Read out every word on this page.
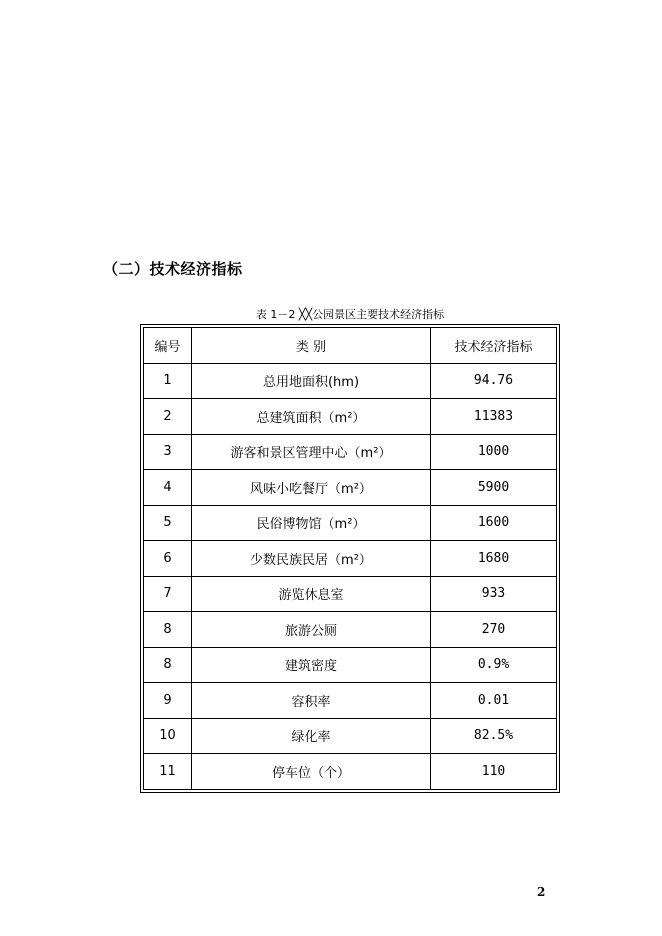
（二）技术经济指标
表 1－2 ╳╳公园景区主要技术经济指标
编号	类 别	技术经济指标
1	总用地面积(hm)	94.76
2	总建筑面积（m²）	11383
3	游客和景区管理中心（m²）	1000
4	风味小吃餐厅（m²）	5900
5	民俗博物馆（m²）	1600
6	少数民族民居（m²）	1680
7	游览休息室	933
8	旅游公厕	270
8	建筑密度	0.9%
9	容积率	0.01
10	绿化率	82.5%
11	停车位（个）	110
2
